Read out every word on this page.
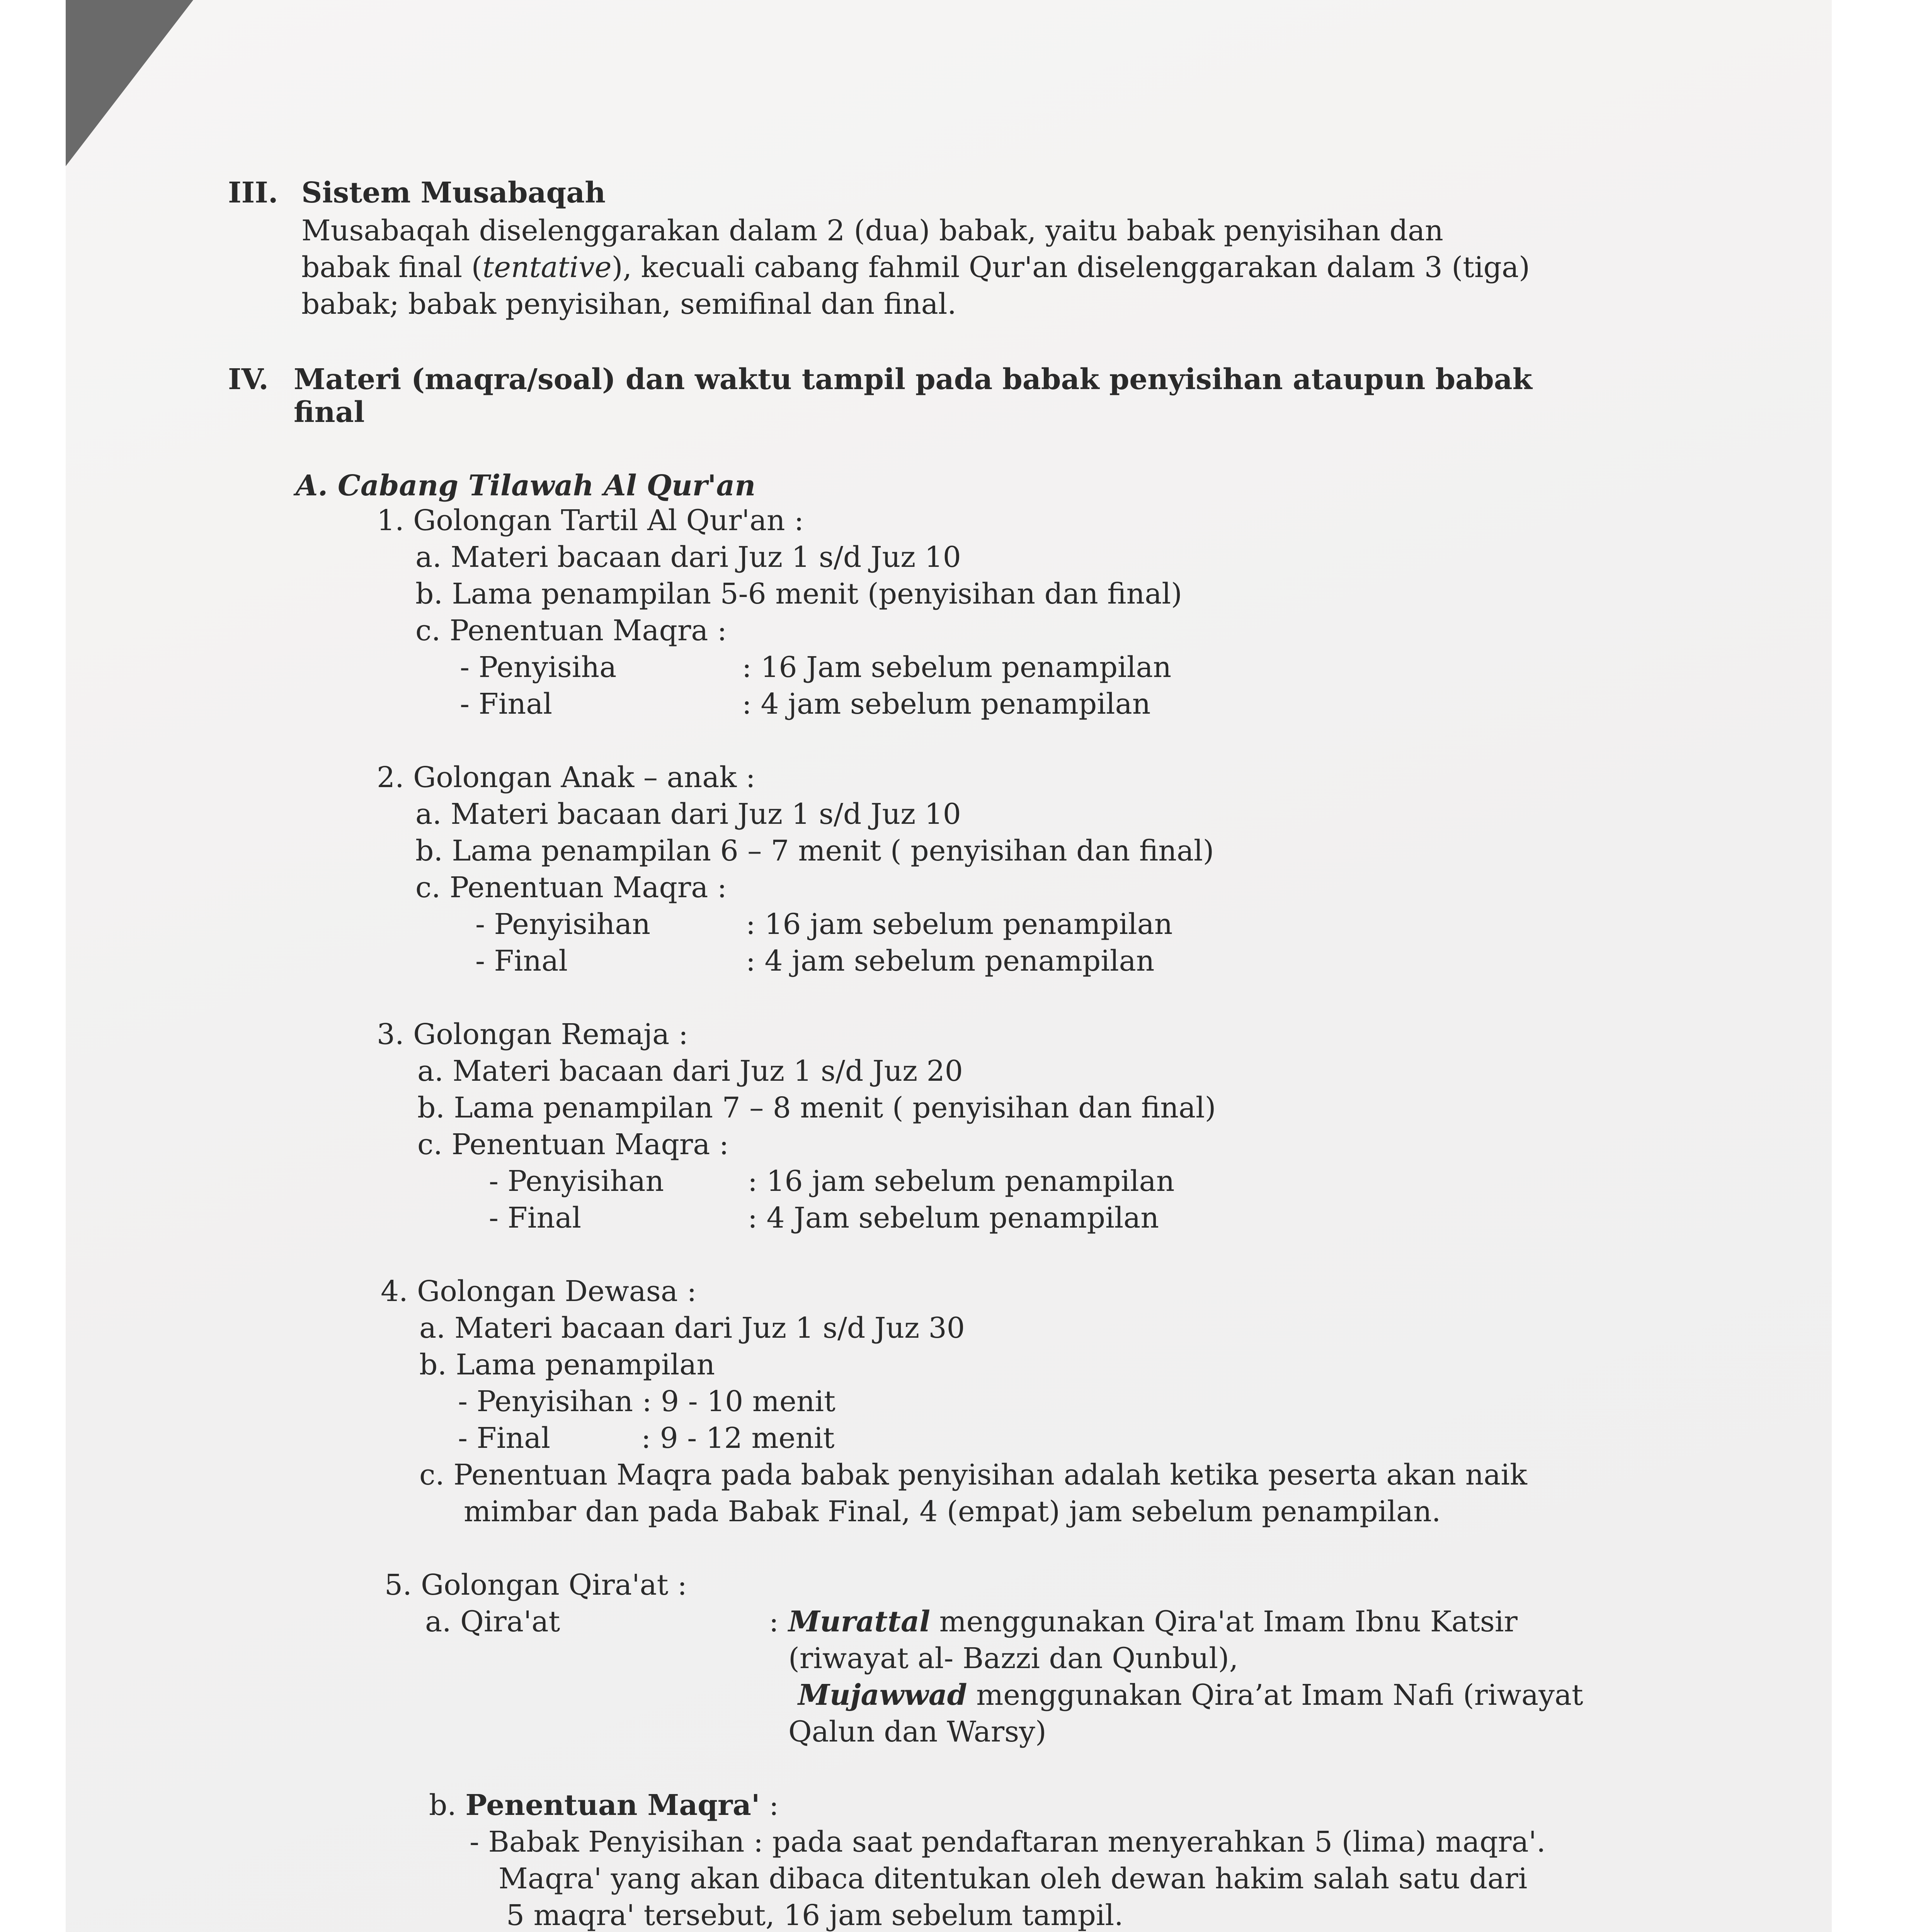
III. Sistem Musabaqah
Musabaqah diselenggarakan dalam 2 (dua) babak, yaitu babak penyisihan dan
babak final (tentative), kecuali cabang fahmil Qur'an diselenggarakan dalam 3 (tiga)
babak; babak penyisihan, semifinal dan final.
IV. Materi (maqra/soal) dan waktu tampil pada babak penyisihan ataupun babak
final
A. Cabang Tilawah Al Qur'an
1. Golongan Tartil Al Qur'an :
a. Materi bacaan dari Juz 1 s/d Juz 10
b. Lama penampilan 5-6 menit (penyisihan dan final)
c. Penentuan Maqra :
- Penyisiha	: 16 Jam sebelum penampilan
- Final	: 4 jam sebelum penampilan
2. Golongan Anak – anak :
a. Materi bacaan dari Juz 1 s/d Juz 10
b. Lama penampilan 6 – 7 menit ( penyisihan dan final)
c. Penentuan Maqra :
- Penyisihan	: 16 jam sebelum penampilan
- Final	: 4 jam sebelum penampilan
3. Golongan Remaja :
a. Materi bacaan dari Juz 1 s/d Juz 20
b. Lama penampilan 7 – 8 menit ( penyisihan dan final)
c. Penentuan Maqra :
- Penyisihan	: 16 jam sebelum penampilan
- Final	: 4 Jam sebelum penampilan
4. Golongan Dewasa :
a. Materi bacaan dari Juz 1 s/d Juz 30
b. Lama penampilan
- Penyisihan : 9 - 10 menit
- Final          : 9 - 12 menit
c. Penentuan Maqra pada babak penyisihan adalah ketika peserta akan naik
mimbar dan pada Babak Final, 4 (empat) jam sebelum penampilan.
5. Golongan Qira'at :
a. Qira'at	: Murattal menggunakan Qira'at Imam Ibnu Katsir
(riwayat al- Bazzi dan Qunbul),
Mujawwad menggunakan Qira’at Imam Nafi (riwayat
Qalun dan Warsy)
b. Penentuan Maqra' :
- Babak Penyisihan : pada saat pendaftaran menyerahkan 5 (lima) maqra'.
Maqra' yang akan dibaca ditentukan oleh dewan hakim salah satu dari
5 maqra' tersebut, 16 jam sebelum tampil.
